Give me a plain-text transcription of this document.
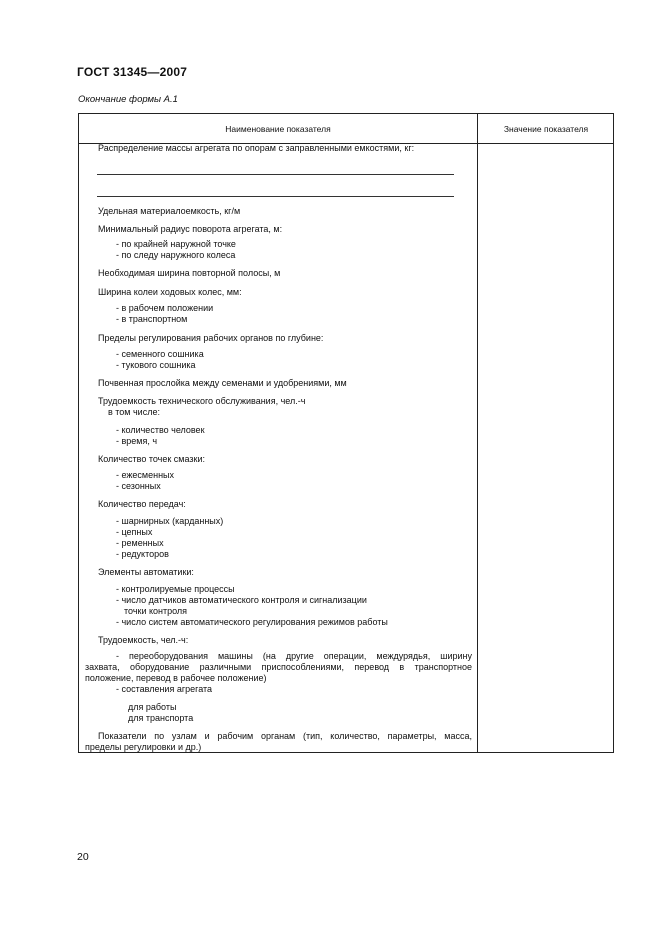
ГОСТ 31345—2007
Окончание формы А.1
Наименование показателя	Значение показателя
Распределение массы агрегата по опорам с заправленными емкостями, кг:
Удельная материалоемкость, кг/м
Минимальный радиус поворота агрегата, м:
- по крайней наружной точке
- по следу наружного колеса
Необходимая ширина повторной полосы, м
Ширина колеи ходовых колес, мм:
- в рабочем положении
- в транспортном
Пределы регулирования рабочих органов по глубине:
- семенного сошника
- тукового сошника
Почвенная прослойка между семенами и удобрениями, мм
Трудоемкость технического обслуживания, чел.-ч
в том числе:
- количество человек
- время, ч
Количество точек смазки:
- ежесменных
- сезонных
Количество передач:
- шарнирных (карданных)
- цепных
- ременных
- редукторов
Элементы автоматики:
- контролируемые процессы
- число датчиков автоматического контроля и сигнализации
точки контроля
- число систем автоматического регулирования режимов работы
Трудоемкость, чел.-ч:
- переоборудования машины (на другие операции, междурядья, ширину
захвата, оборудование различными приспособлениями, перевод в транспортное
положение, перевод в рабочее положение)
- составления агрегата
для работы
для транспорта
Показатели по узлам и рабочим органам (тип, количество, параметры, масса,
пределы регулировки и др.)
20
